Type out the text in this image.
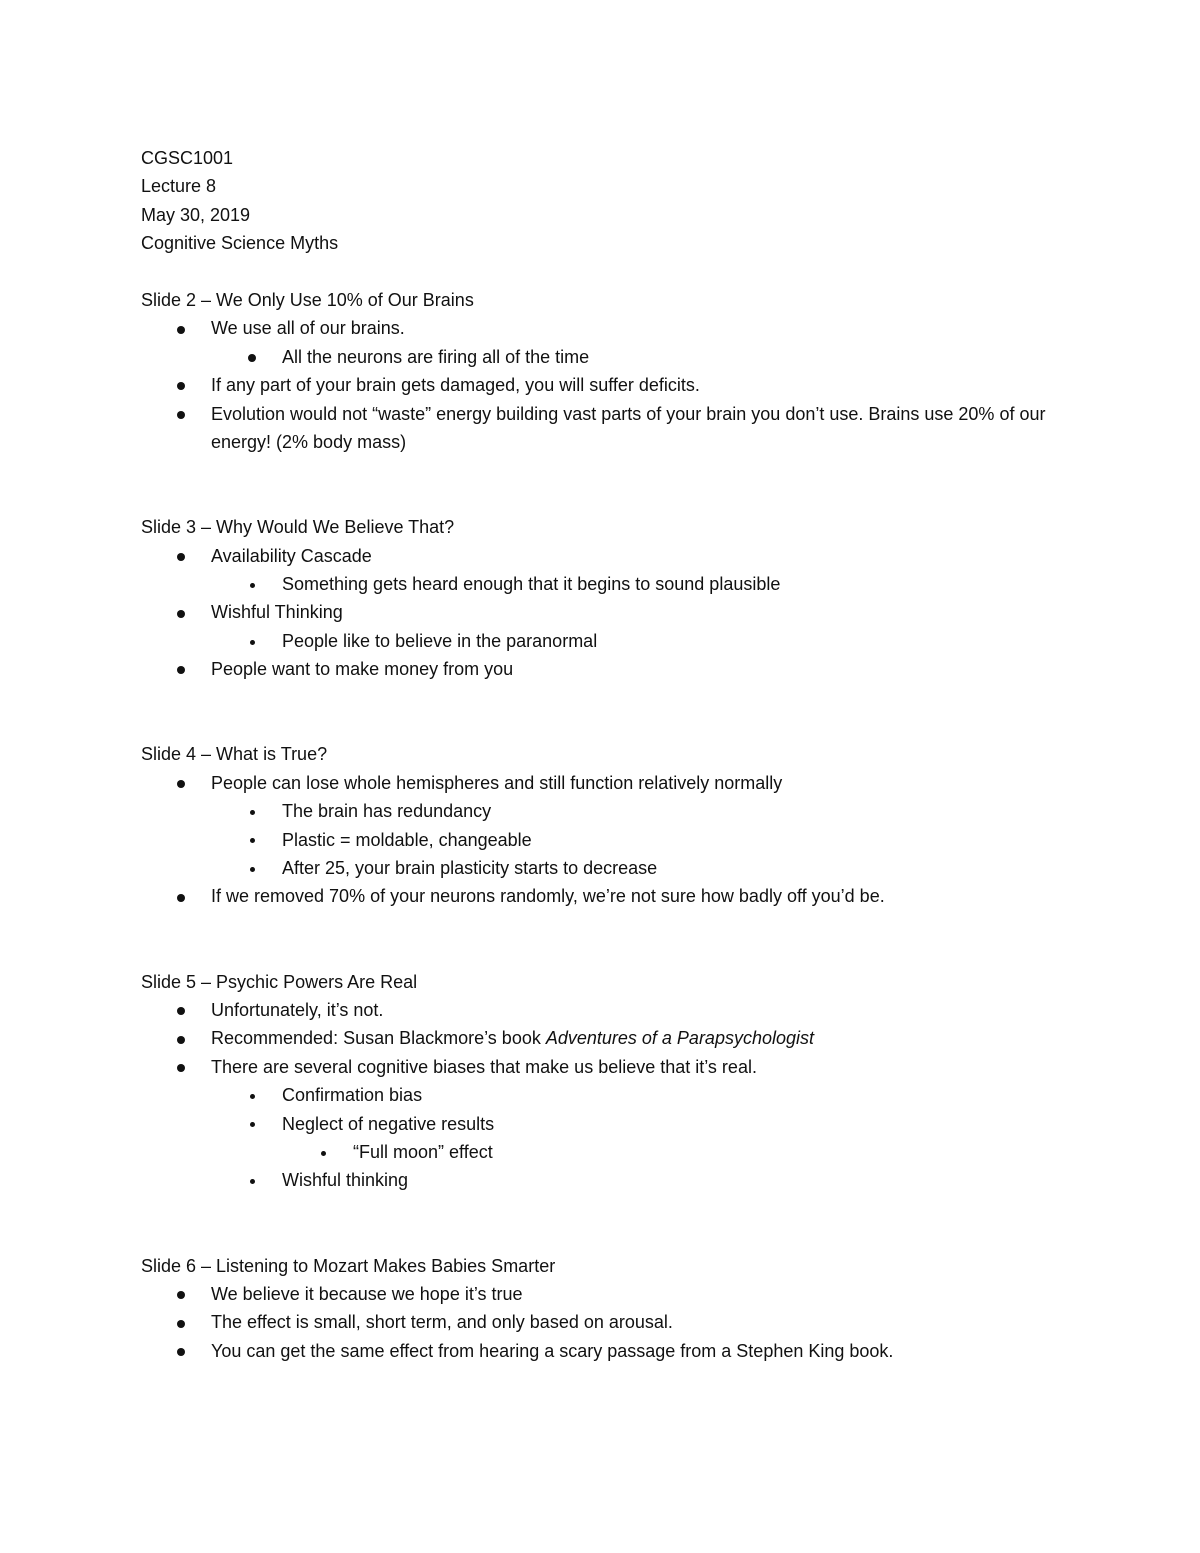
CGSC1001

Lecture 8

May 30, 2019

Cognitive Science Myths

Slide 2 – We Only Use 10% of Our Brains

We use all of our brains.
All the neurons are firing all of the time
If any part of your brain gets damaged, you will suffer deficits.
Evolution would not “waste” energy building vast parts of your brain you don’t use. Brains use 20% of our energy! (2% body mass)

Slide 3 – Why Would We Believe That?

Availability Cascade
Something gets heard enough that it begins to sound plausible
Wishful Thinking
People like to believe in the paranormal
People want to make money from you

Slide 4 – What is True?

People can lose whole hemispheres and still function relatively normally
The brain has redundancy
Plastic = moldable, changeable
After 25, your brain plasticity starts to decrease
If we removed 70% of your neurons randomly, we’re not sure how badly off you’d be.

Slide 5 – Psychic Powers Are Real

Unfortunately, it’s not.
Recommended: Susan Blackmore’s book Adventures of a Parapsychologist
There are several cognitive biases that make us believe that it’s real.
Confirmation bias
Neglect of negative results
“Full moon” effect
Wishful thinking

Slide 6 – Listening to Mozart Makes Babies Smarter

We believe it because we hope it’s true
The effect is small, short term, and only based on arousal.
You can get the same effect from hearing a scary passage from a Stephen King book.
